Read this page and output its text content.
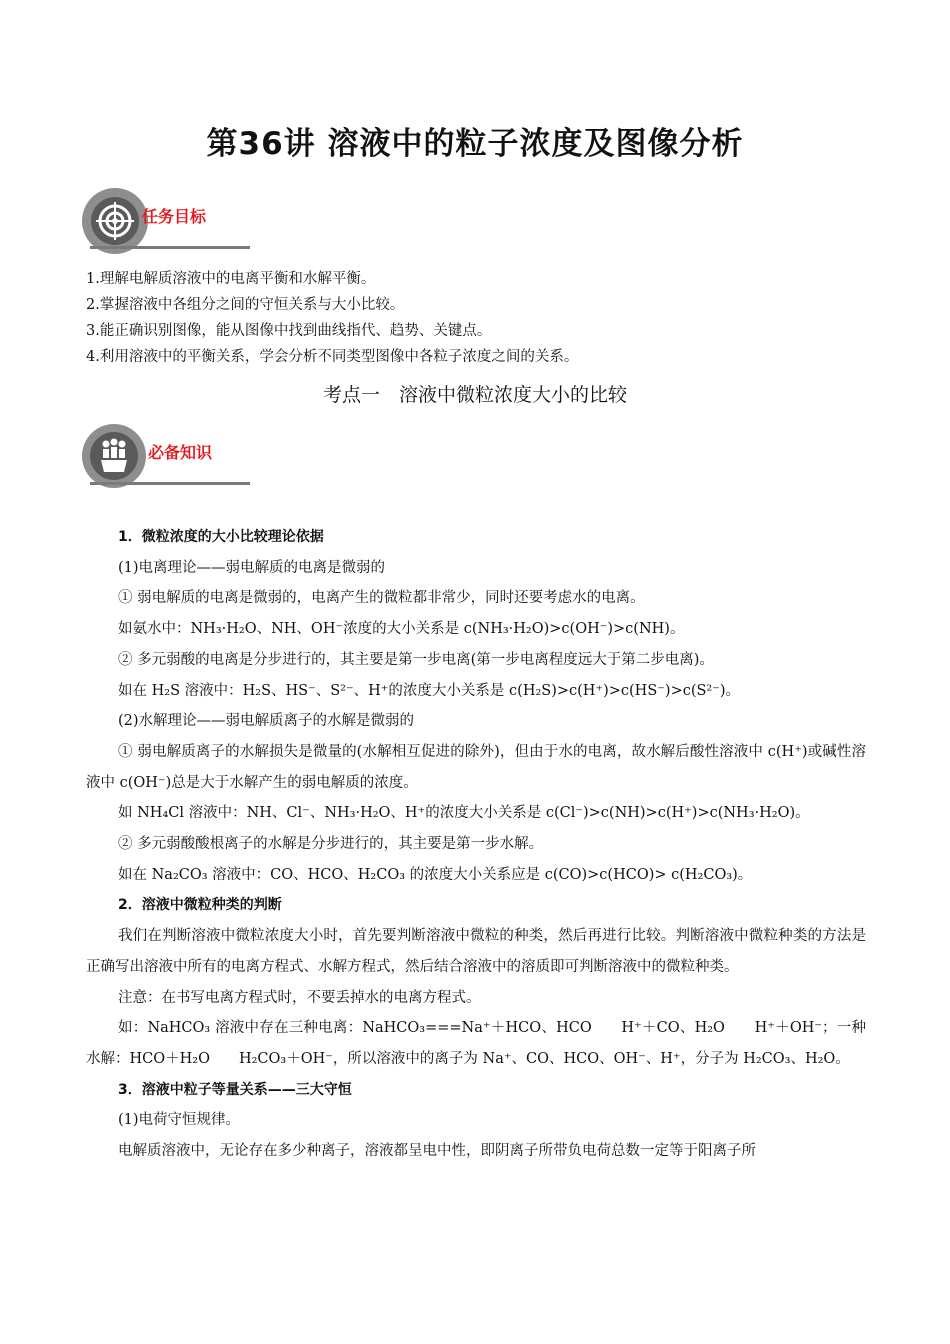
第36讲 溶液中的粒子浓度及图像分析
任务目标
1.理解电解质溶液中的电离平衡和水解平衡。
2.掌握溶液中各组分之间的守恒关系与大小比较。
3.能正确识别图像，能从图像中找到曲线指代、趋势、关键点。
4.利用溶液中的平衡关系，学会分析不同类型图像中各粒子浓度之间的关系。
考点一　溶液中微粒浓度大小的比较
必备知识
1．微粒浓度的大小比较理论依据
(1)电离理论——弱电解质的电离是微弱的
① 弱电解质的电离是微弱的，电离产生的微粒都非常少，同时还要考虑水的电离。
如氨水中：NH₃·H₂O、NH、OH⁻浓度的大小关系是 c(NH₃·H₂O)>c(OH⁻)>c(NH)。
② 多元弱酸的电离是分步进行的，其主要是第一步电离(第一步电离程度远大于第二步电离)。
如在 H₂S 溶液中：H₂S、HS⁻、S²⁻、H⁺的浓度大小关系是 c(H₂S)>c(H⁺)>c(HS⁻)>c(S²⁻)。
(2)水解理论——弱电解质离子的水解是微弱的
① 弱电解质离子的水解损失是微量的(水解相互促进的除外)，但由于水的电离，故水解后酸性溶液中 c(H⁺)或碱性溶液中 c(OH⁻)总是大于水解产生的弱电解质的浓度。
如 NH₄Cl 溶液中：NH、Cl⁻、NH₃·H₂O、H⁺的浓度大小关系是 c(Cl⁻)>c(NH)>c(H⁺)>c(NH₃·H₂O)。
② 多元弱酸酸根离子的水解是分步进行的，其主要是第一步水解。
如在 Na₂CO₃ 溶液中：CO、HCO、H₂CO₃ 的浓度大小关系应是 c(CO)>c(HCO)> c(H₂CO₃)。
2．溶液中微粒种类的判断
我们在判断溶液中微粒浓度大小时，首先要判断溶液中微粒的种类，然后再进行比较。判断溶液中微粒种类的方法是正确写出溶液中所有的电离方程式、水解方程式，然后结合溶液中的溶质即可判断溶液中的微粒种类。
注意：在书写电离方程式时，不要丢掉水的电离方程式。
如：NaHCO₃ 溶液中存在三种电离：NaHCO₃===Na⁺＋HCO、HCO　　H⁺＋CO、H₂O　　H⁺＋OH⁻；一种水解：HCO＋H₂O　　H₂CO₃＋OH⁻，所以溶液中的离子为 Na⁺、CO、HCO、OH⁻、H⁺，分子为 H₂CO₃、H₂O。
3．溶液中粒子等量关系——三大守恒
(1)电荷守恒规律。
电解质溶液中，无论存在多少种离子，溶液都呈电中性，即阴离子所带负电荷总数一定等于阳离子所
